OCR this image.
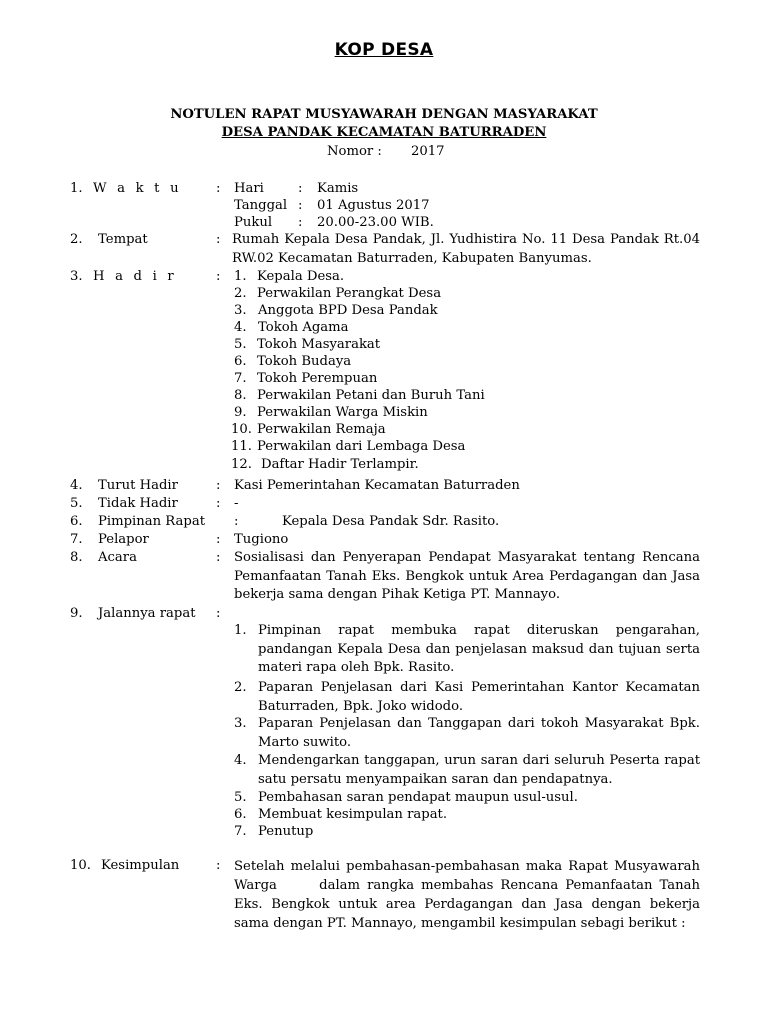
KOP DESA
NOTULEN RAPAT MUSYAWARAH DENGAN MASYARAKAT
DESA PANDAK KECAMATAN BATURRADEN
Nomor : 2017
1. W a k t u	: Hari	: Kamis
Tanggal : 01 Agustus 2017
Pukul : 20.00-23.00 WIB.
2. Tempat	: Rumah Kepala Desa Pandak, Jl. Yudhistira No. 11 Desa Pandak Rt.04 RW.02 Kecamatan Baturraden, Kabupaten Banyumas.
3. H a d i r	: 1. Kepala Desa.
2. Perwakilan Perangkat Desa
3. Anggota BPD Desa Pandak
4. Tokoh Agama
5. Tokoh Masyarakat
6. Tokoh Budaya
7. Tokoh Perempuan
8. Perwakilan Petani dan Buruh Tani
9. Perwakilan Warga Miskin
10. Perwakilan Remaja
11. Perwakilan dari Lembaga Desa
12. Daftar Hadir Terlampir.
4. Turut Hadir	: Kasi Pemerintahan Kecamatan Baturraden
5. Tidak Hadir	: -
6. Pimpinan Rapat :	Kepala Desa Pandak Sdr. Rasito.
7. Pelapor	: Tugiono
8. Acara	: Sosialisasi dan Penyerapan Pendapat Masyarakat tentang Rencana Pemanfaatan Tanah Eks. Bengkok untuk Area Perdagangan dan Jasa bekerja sama dengan Pihak Ketiga PT. Mannayo.
9. Jalannya rapat :
1. Pimpinan rapat membuka rapat diteruskan pengarahan, pandangan Kepala Desa dan penjelasan maksud dan tujuan serta materi rapa oleh Bpk. Rasito.
2. Paparan Penjelasan dari Kasi Pemerintahan Kantor Kecamatan Baturraden, Bpk. Joko widodo.
3. Paparan Penjelasan dan Tanggapan dari tokoh Masyarakat Bpk. Marto suwito.
4. Mendengarkan tanggapan, urun saran dari seluruh Peserta rapat satu persatu menyampaikan saran dan pendapatnya.
5. Pembahasan saran pendapat maupun usul-usul.
6. Membuat kesimpulan rapat.
7. Penutup
10. Kesimpulan	: Setelah melalui pembahasan-pembahasan maka Rapat Musyawarah Warga      dalam rangka membahas Rencana Pemanfaatan Tanah Eks. Bengkok untuk area Perdagangan dan Jasa dengan bekerja sama dengan PT. Mannayo, mengambil kesimpulan sebagi berikut :
